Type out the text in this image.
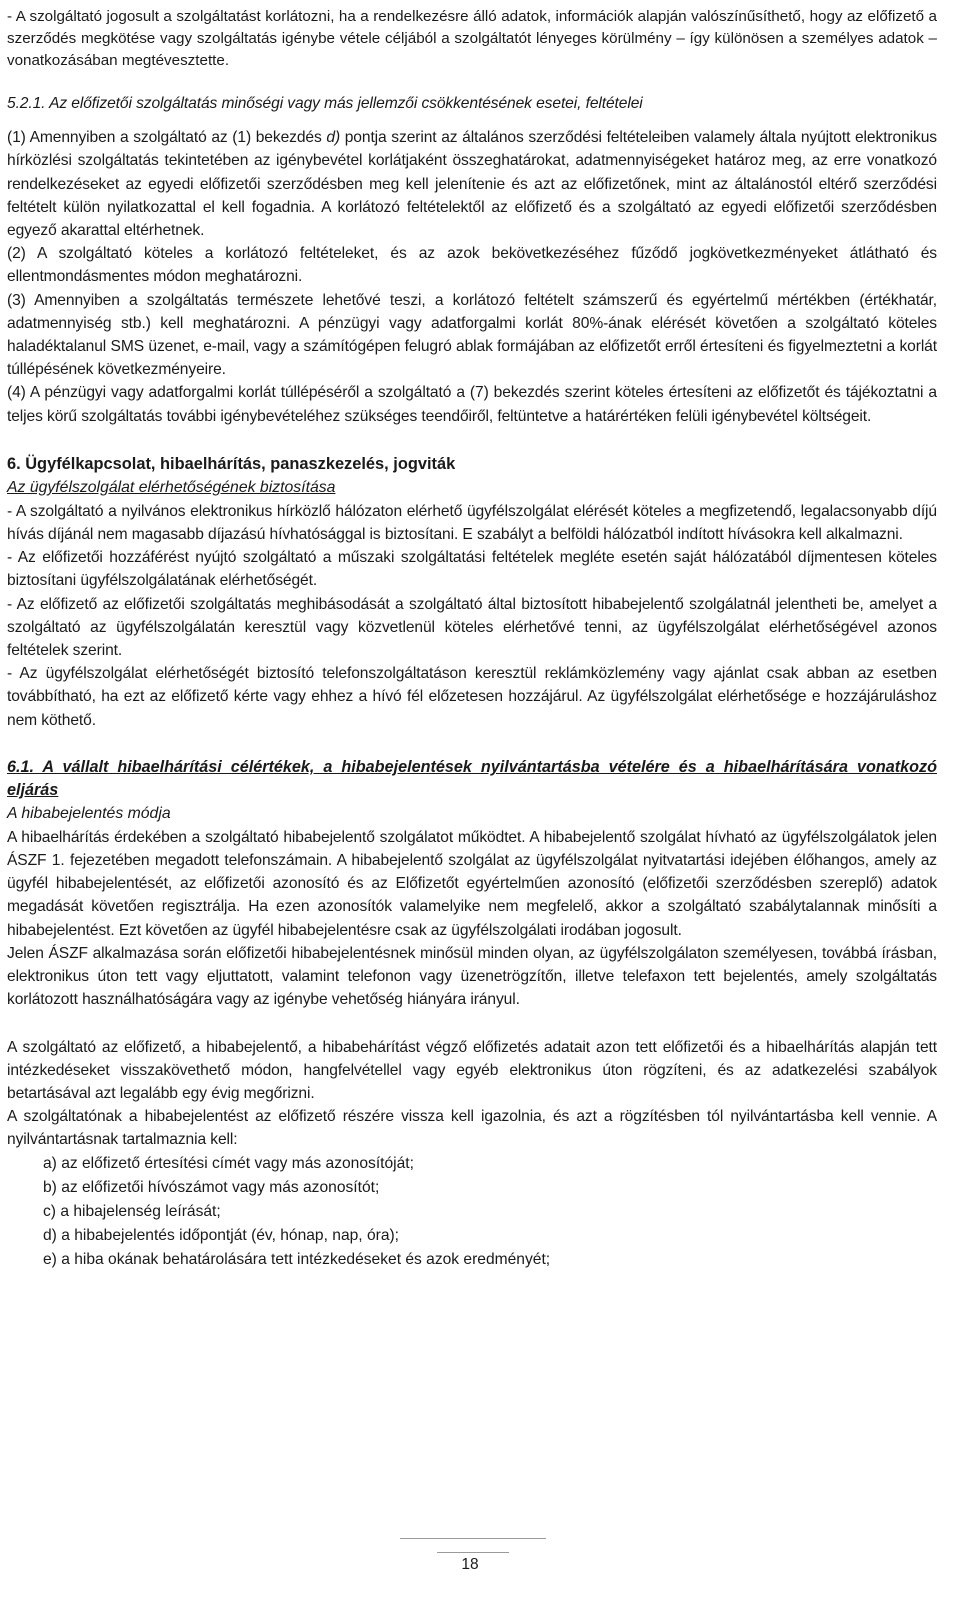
- A szolgáltató jogosult a szolgáltatást korlátozni, ha a rendelkezésre álló adatok, információk alapján valószínűsíthető, hogy az előfizető a szerződés megkötése vagy szolgáltatás igénybe vétele céljából a szolgáltatót lényeges körülmény – így különösen a személyes adatok – vonatkozásában megtévesztette.

5.2.1. Az előfizetői szolgáltatás minőségi vagy más jellemzői csökkentésének esetei, feltételei

(1) Amennyiben a szolgáltató az (1) bekezdés d) pontja szerint az általános szerződési feltételeiben valamely általa nyújtott elektronikus hírközlési szolgáltatás tekintetében az igénybevétel korlátjaként összeghatárokat, adatmennyiségeket határoz meg, az erre vonatkozó rendelkezéseket az egyedi előfizetői szerződésben meg kell jelenítenie és azt az előfizetőnek, mint az általánostól eltérő szerződési feltételt külön nyilatkozattal el kell fogadnia. A korlátozó feltételektől az előfizető és a szolgáltató az egyedi előfizetői szerződésben egyező akarattal eltérhetnek.

(2) A szolgáltató köteles a korlátozó feltételeket, és az azok bekövetkezéséhez fűződő jogkövetkezményeket átlátható és ellentmondásmentes módon meghatározni.

(3) Amennyiben a szolgáltatás természete lehetővé teszi, a korlátozó feltételt számszerű és egyértelmű mértékben (értékhatár, adatmennyiség stb.) kell meghatározni. A pénzügyi vagy adatforgalmi korlát 80%-ának elérését követően a szolgáltató köteles haladéktalanul SMS üzenet, e-mail, vagy a számítógépen felugró ablak formájában az előfizetőt erről értesíteni és figyelmeztetni a korlát túllépésének következményeire.

(4) A pénzügyi vagy adatforgalmi korlát túllépéséről a szolgáltató a (7) bekezdés szerint köteles értesíteni az előfizetőt és tájékoztatni a teljes körű szolgáltatás további igénybevételéhez szükséges teendőiről, feltüntetve a határértéken felüli igénybevétel költségeit.

6. Ügyfélkapcsolat, hibaelhárítás, panaszkezelés, jogviták

Az ügyfélszolgálat elérhetőségének biztosítása

- A szolgáltató a nyilvános elektronikus hírközlő hálózaton elérhető ügyfélszolgálat elérését köteles a megfizetendő, legalacsonyabb díjú hívás díjánál nem magasabb díjazású hívhatósággal is biztosítani. E szabályt a belföldi hálózatból indított hívásokra kell alkalmazni.

- Az előfizetői hozzáférést nyújtó szolgáltató a műszaki szolgáltatási feltételek megléte esetén saját hálózatából díjmentesen köteles biztosítani ügyfélszolgálatának elérhetőségét.

- Az előfizető az előfizetői szolgáltatás meghibásodását a szolgáltató által biztosított hibabejelentő szolgálatnál jelentheti be, amelyet a szolgáltató az ügyfélszolgálatán keresztül vagy közvetlenül köteles elérhetővé tenni, az ügyfélszolgálat elérhetőségével azonos feltételek szerint.

- Az ügyfélszolgálat elérhetőségét biztosító telefonszolgáltatáson keresztül reklámközlemény vagy ajánlat csak abban az esetben továbbítható, ha ezt az előfizető kérte vagy ehhez a hívó fél előzetesen hozzájárul. Az ügyfélszolgálat elérhetősége e hozzájáruláshoz nem köthető.

6.1. A vállalt hibaelhárítási célértékek, a hibabejelentések nyilvántartásba vételére és a hibaelhárítására vonatkozó eljárás

A hibabejelentés módja

A hibaelhárítás érdekében a szolgáltató hibabejelentő szolgálatot működtet. A hibabejelentő szolgálat hívható az ügyfélszolgálatok jelen ÁSZF 1. fejezetében megadott telefonszámain. A hibabejelentő szolgálat az ügyfélszolgálat nyitvatartási idejében élőhangos, amely az ügyfél hibabejelentését, az előfizetői azonosító és az Előfizetőt egyértelműen azonosító (előfizetői szerződésben szereplő) adatok megadását követően regisztrálja. Ha ezen azonosítók valamelyike nem megfelelő, akkor a szolgáltató szabálytalannak minősíti a hibabejelentést. Ezt követően az ügyfél hibabejelentésre csak az ügyfélszolgálati irodában jogosult.

Jelen ÁSZF alkalmazása során előfizetői hibabejelentésnek minősül minden olyan, az ügyfélszolgálaton személyesen, továbbá írásban, elektronikus úton tett vagy eljuttatott, valamint telefonon vagy üzenetrögzítőn, illetve telefaxon tett bejelentés, amely szolgáltatás korlátozott használhatóságára vagy az igénybe vehetőség hiányára irányul.

A szolgáltató az előfizető, a hibabejelentő, a hibabehárítást végző előfizetés adatait azon tett előfizetői és a hibaelhárítás alapján tett intézkedéseket visszakövethető módon, hangfelvétellel vagy egyéb elektronikus úton rögzíteni, és az adatkezelési szabályok betartásával azt legalább egy évig megőrizni.

A szolgáltatónak a hibabejelentést az előfizető részére vissza kell igazolnia, és azt a rögzítésben tól nyilvántartásba kell vennie. A nyilvántartásnak tartalmaznia kell:

a) az előfizető értesítési címét vagy más azonosítóját;
b) az előfizetői hívószámot vagy más azonosítót;
c) a hibajelenség leírását;
d) a hibabejelentés időpontját (év, hónap, nap, óra);
e) a hiba okának behatárolására tett intézkedéseket és azok eredményét;
18
